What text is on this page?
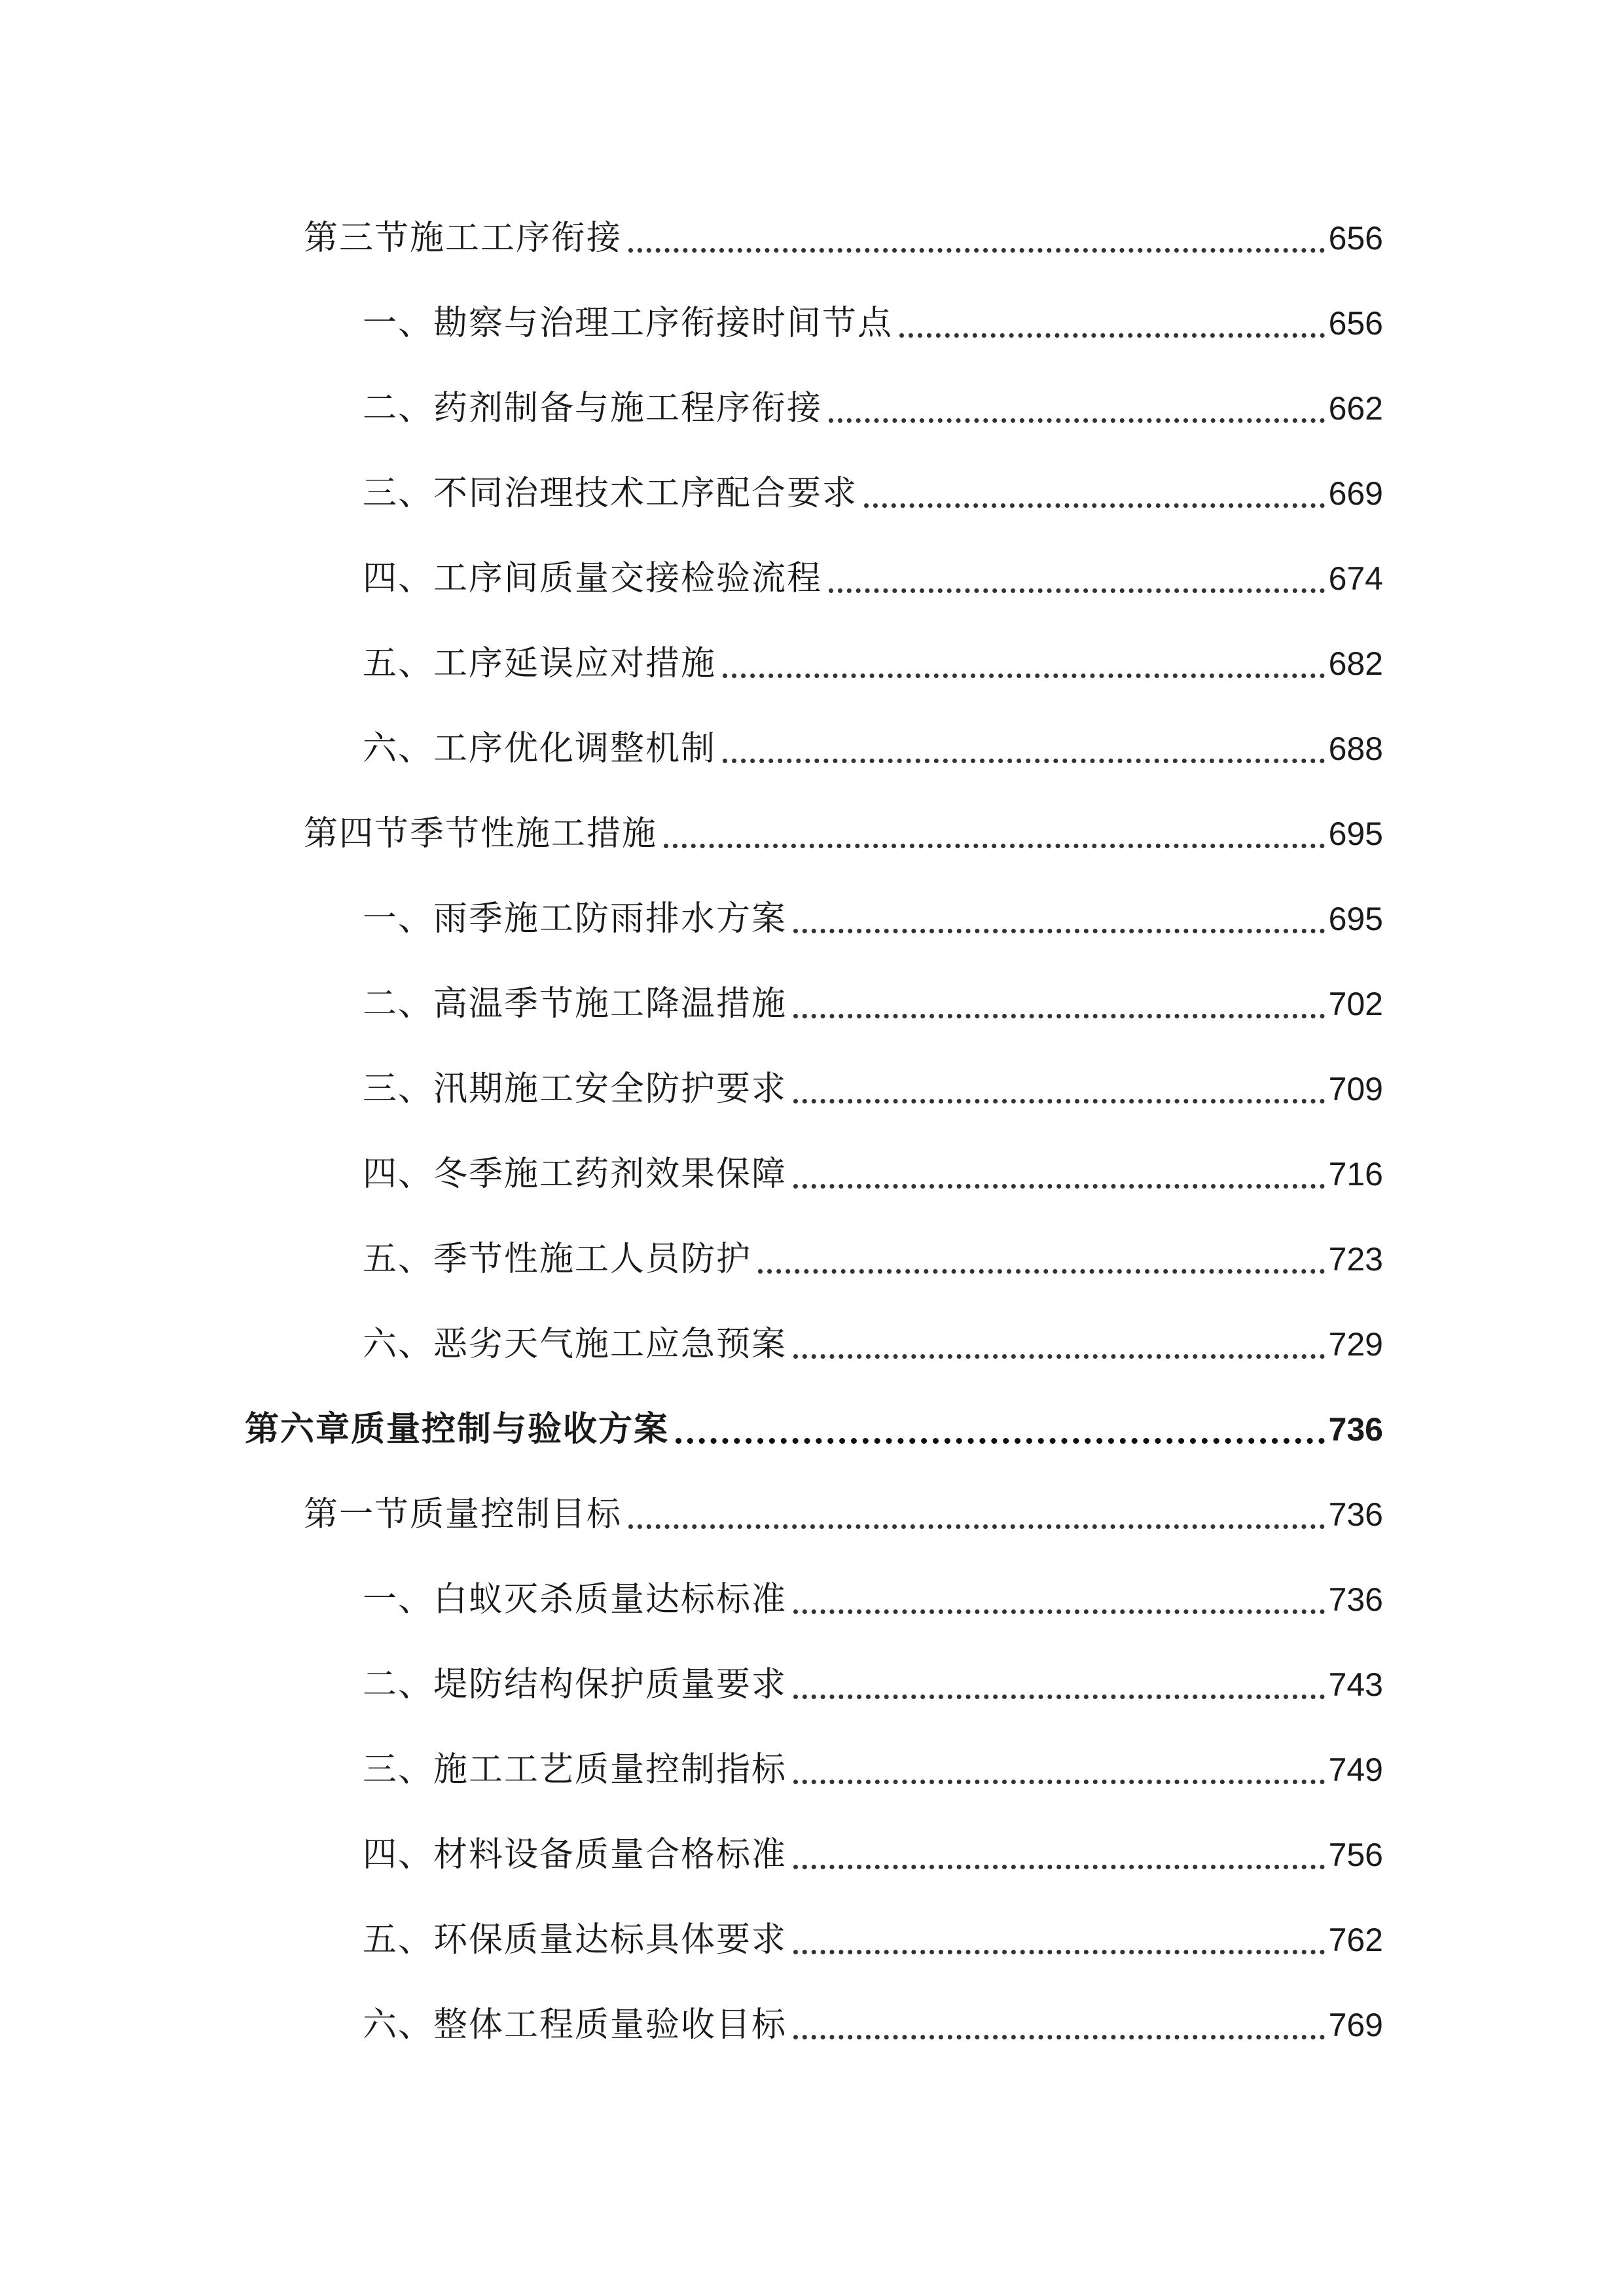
第三节施工工序衔接	656
一、勘察与治理工序衔接时间节点	656
二、药剂制备与施工程序衔接	662
三、不同治理技术工序配合要求	669
四、工序间质量交接检验流程	674
五、工序延误应对措施	682
六、工序优化调整机制	688
第四节季节性施工措施	695
一、雨季施工防雨排水方案	695
二、高温季节施工降温措施	702
三、汛期施工安全防护要求	709
四、冬季施工药剂效果保障	716
五、季节性施工人员防护	723
六、恶劣天气施工应急预案	729
第六章质量控制与验收方案	736
第一节质量控制目标	736
一、白蚁灭杀质量达标标准	736
二、堤防结构保护质量要求	743
三、施工工艺质量控制指标	749
四、材料设备质量合格标准	756
五、环保质量达标具体要求	762
六、整体工程质量验收目标	769
